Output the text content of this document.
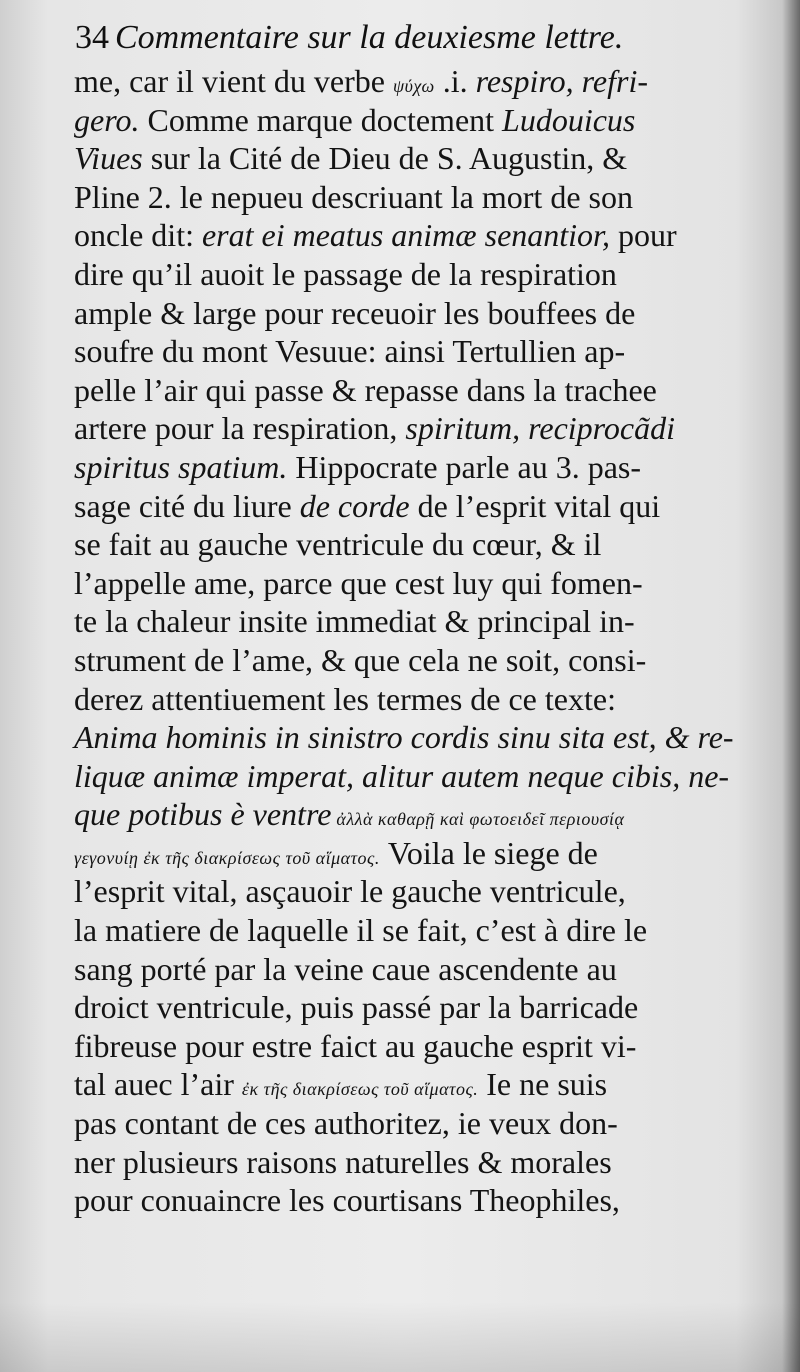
34 Commentaire sur la deuxiesme lettre.
me, car il vient du verbe ψύχω .i. respiro, refri-
gero. Comme marque doctement Ludouicus
Viues sur la Cité de Dieu de S. Augustin, &
Pline 2. le nepueu descriuant la mort de son
oncle dit: erat ei meatus animæ senantior, pour
dire qu’il auoit le passage de la respiration
ample & large pour receuoir les bouffees de
soufre du mont Vesuue: ainsi Tertullien ap-
pelle l’air qui passe & repasse dans la trachee
artere pour la respiration, spiritum, reciprocãdi
spiritus spatium. Hippocrate parle au 3. pas-
sage cité du liure de corde de l’esprit vital qui
se fait au gauche ventricule du cœur, & il
l’appelle ame, parce que cest luy qui fomen-
te la chaleur insite immediat & principal in-
strument de l’ame, & que cela ne soit, consi-
derez attentiuement les termes de ce texte:
Anima hominis in sinistro cordis sinu sita est, & re-
liquæ animæ imperat, alitur autem neque cibis, ne-
que potibus è ventre ἀλλὰ καθαρῇ καὶ φωτοειδεῖ περιουσίᾳ
γεγονυίῃ ἐκ τῆς διακρίσεως τοῦ αἵματος. Voila le siege de
l’esprit vital, asçauoir le gauche ventricule,
la matiere de laquelle il se fait, c’est à dire le
sang porté par la veine caue ascendente au
droict ventricule, puis passé par la barricade
fibreuse pour estre faict au gauche esprit vi-
tal auec l’air ἐκ τῆς διακρίσεως τοῦ αἵματος. Ie ne suis
pas contant de ces authoritez, ie veux don-
ner plusieurs raisons naturelles & morales
pour conuaincre les courtisans Theophiles,
